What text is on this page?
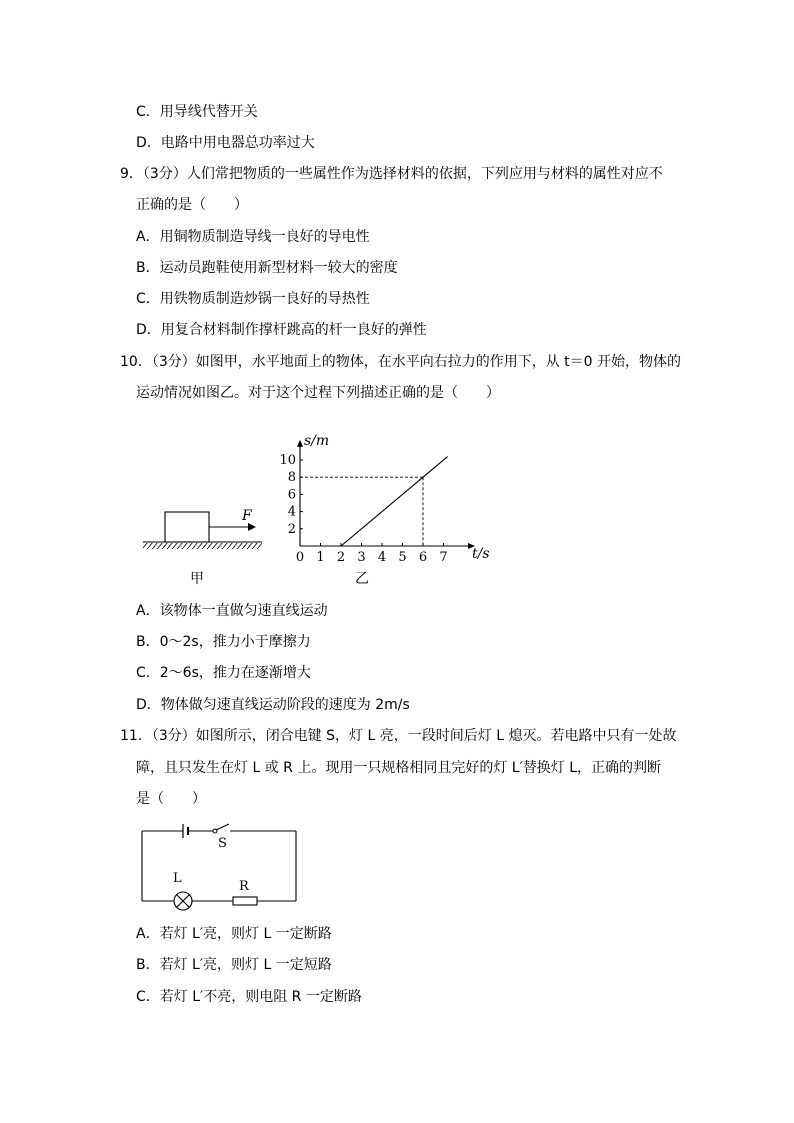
C．用导线代替开关
D．电路中用电器总功率过大
9．（3分）人们常把物质的一些属性作为选择材料的依据，下列应用与材料的属性对应不
正确的是（　　）
A．用铜物质制造导线一良好的导电性
B．运动员跑鞋使用新型材料一较大的密度
C．用铁物质制造炒锅一良好的导热性
D．用复合材料制作撑杆跳高的杆一良好的弹性
10．（3分）如图甲，水平地面上的物体，在水平向右拉力的作用下，从 t＝0 开始，物体的
运动情况如图乙。对于这个过程下列描述正确的是（　　）
F
甲
s/m
t/s
0 1 2 3 4 5 6 7
2
4
6
8
10
乙
A．该物体一直做匀速直线运动
B．0～2s，推力小于摩擦力
C．2～6s，推力在逐渐增大
D．物体做匀速直线运动阶段的速度为 2m/s
11．（3分）如图所示，闭合电键 S，灯 L 亮，一段时间后灯 L 熄灭。若电路中只有一处故
障，且只发生在灯 L 或 R 上。现用一只规格相同且完好的灯 L′替换灯 L，正确的判断
是（　　）
S
L
R
A．若灯 L′亮，则灯 L 一定断路
B．若灯 L′亮，则灯 L 一定短路
C．若灯 L′不亮，则电阻 R 一定断路
